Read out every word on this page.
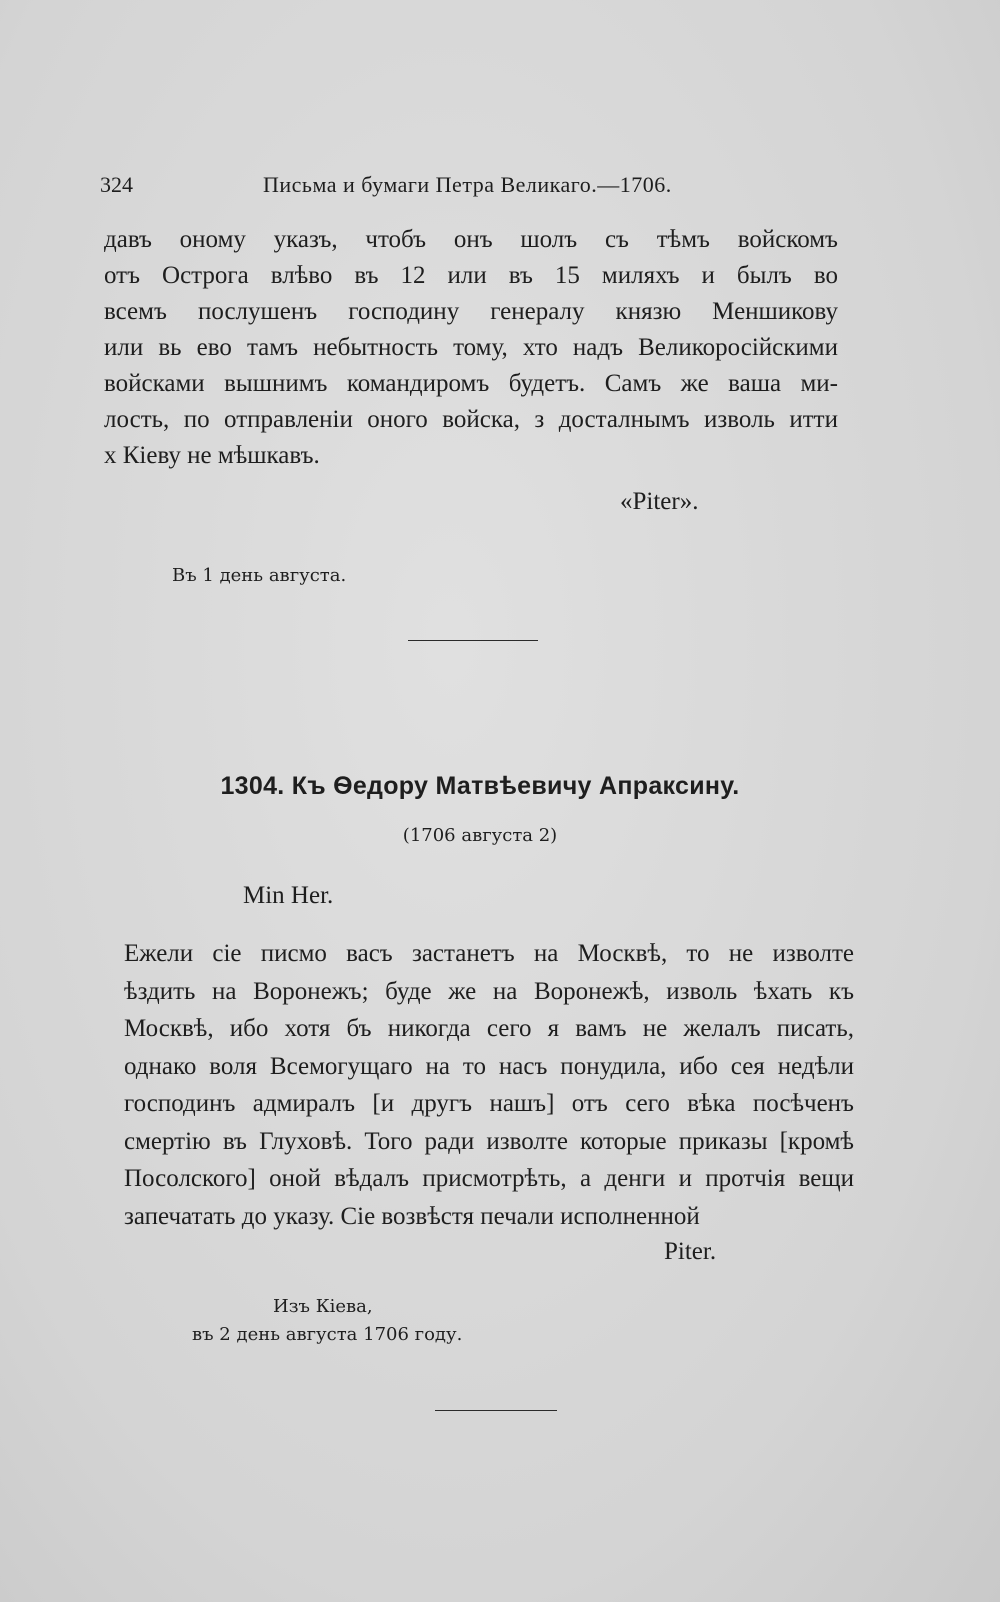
324	Письма и бумаги Петра Великаго.—1706.
давъ оному указъ, чтобъ онъ шолъ съ тѣмъ войскомъ
отъ Острога влѣво въ 12 или въ 15 миляхъ и былъ во
всемъ послушенъ господину генералу князю Меншикову
или вь ево тамъ небытность тому, хто надъ Великоросiйскими
войсками вышнимъ командиромъ будетъ. Самъ же ваша ми-
лость, по отправленiи оного войска, з досталнымъ изволь итти
х Кiеву не мѣшкавъ.
«Piter».
Въ 1 день августа.
1304. Къ Ѳедору Матвѣевичу Апраксину.
(1706 августа 2)
Min Her.
Ежели сiе писмо васъ застанетъ на Москвѣ, то не изволте
ѣздить на Воронежъ; буде же на Воронежѣ, изволь ѣхать къ
Москвѣ, ибо хотя бъ никогда сего я вамъ не желалъ писать,
однако воля Всемогущаго на то насъ понудила, ибо сея недѣли
господинъ адмиралъ [и другъ нашъ] отъ сего вѣка посѣченъ
смертiю въ Глуховѣ. Того ради изволте которые приказы [кромѣ
Посолского] оной вѣдалъ присмотрѣть, а денги и протчiя вещи
запечатать до указу. Сiе возвѣстя печали исполненной
Piter.
Изъ Кiева,
въ 2 день августа 1706 году.
